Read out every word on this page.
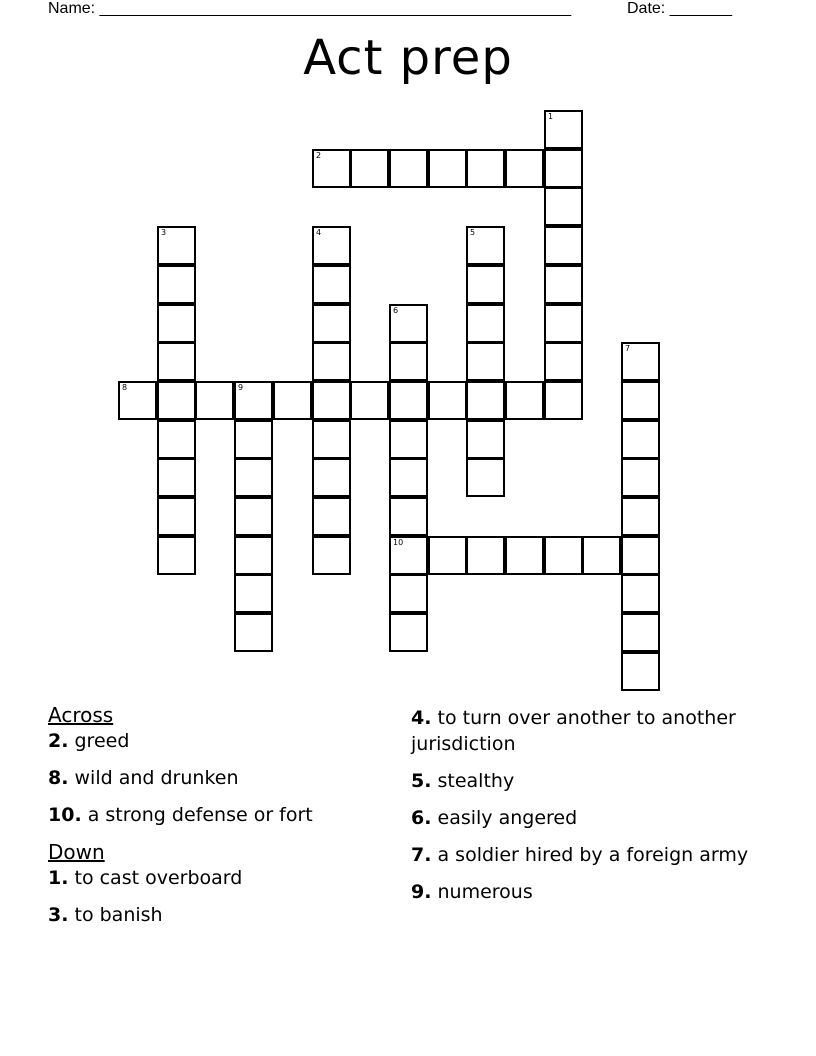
Name: _____________________________________________________	Date: _______
Act prep
1
2
3	4	5
6
7
8	9
10

Across

2. greed

8. wild and drunken

10. a strong defense or fort

Down

1. to cast overboard

3. to banish

4. to turn over another to another jurisdiction

5. stealthy

6. easily angered

7. a soldier hired by a foreign army

9. numerous
